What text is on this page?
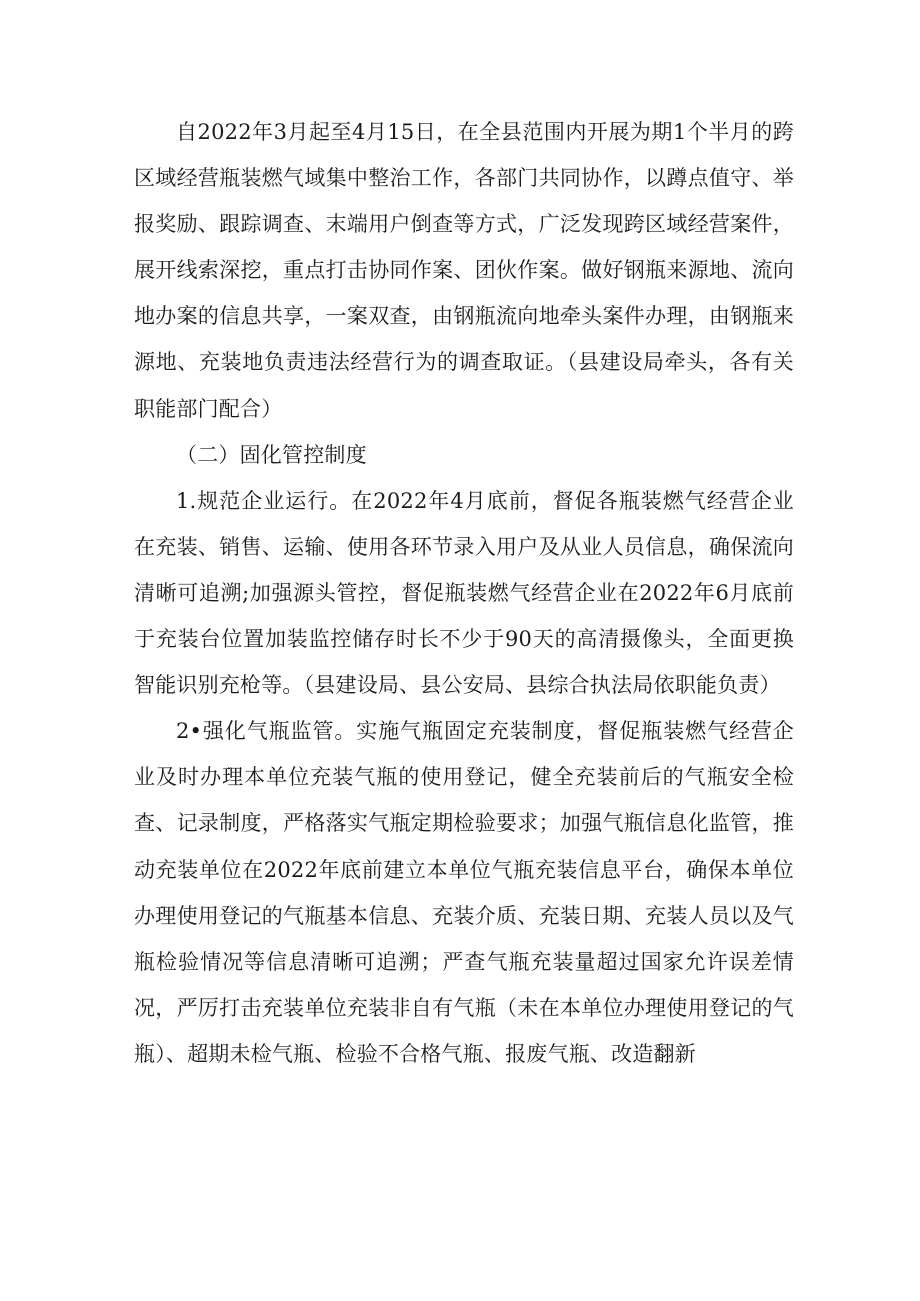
自2022年3月起至4月15日，在全县范围内开展为期1个半月的跨区域经营瓶装燃气域集中整治工作，各部门共同协作，以蹲点值守、举报奖励、跟踪调查、末端用户倒查等方式，广泛发现跨区域经营案件，展开线索深挖，重点打击协同作案、团伙作案。做好钢瓶来源地、流向地办案的信息共享，一案双查，由钢瓶流向地牵头案件办理，由钢瓶来源地、充装地负责违法经营行为的调查取证。（县建设局牵头，各有关职能部门配合）

（二）固化管控制度

1.规范企业运行。在2022年4月底前，督促各瓶装燃气经营企业在充装、销售、运输、使用各环节录入用户及从业人员信息，确保流向清晰可追溯;加强源头管控，督促瓶装燃气经营企业在2022年6月底前于充装台位置加装监控储存时长不少于90天的高清摄像头，全面更换智能识别充枪等。（县建设局、县公安局、县综合执法局依职能负责）

2•强化气瓶监管。实施气瓶固定充装制度，督促瓶装燃气经营企业及时办理本单位充装气瓶的使用登记，健全充装前后的气瓶安全检查、记录制度，严格落实气瓶定期检验要求；加强气瓶信息化监管，推动充装单位在2022年底前建立本单位气瓶充装信息平台，确保本单位办理使用登记的气瓶基本信息、充装介质、充装日期、充装人员以及气瓶检验情况等信息清晰可追溯；严查气瓶充装量超过国家允许误差情况，严厉打击充装单位充装非自有气瓶（未在本单位办理使用登记的气瓶）、超期未检气瓶、检验不合格气瓶、报废气瓶、改造翻新
